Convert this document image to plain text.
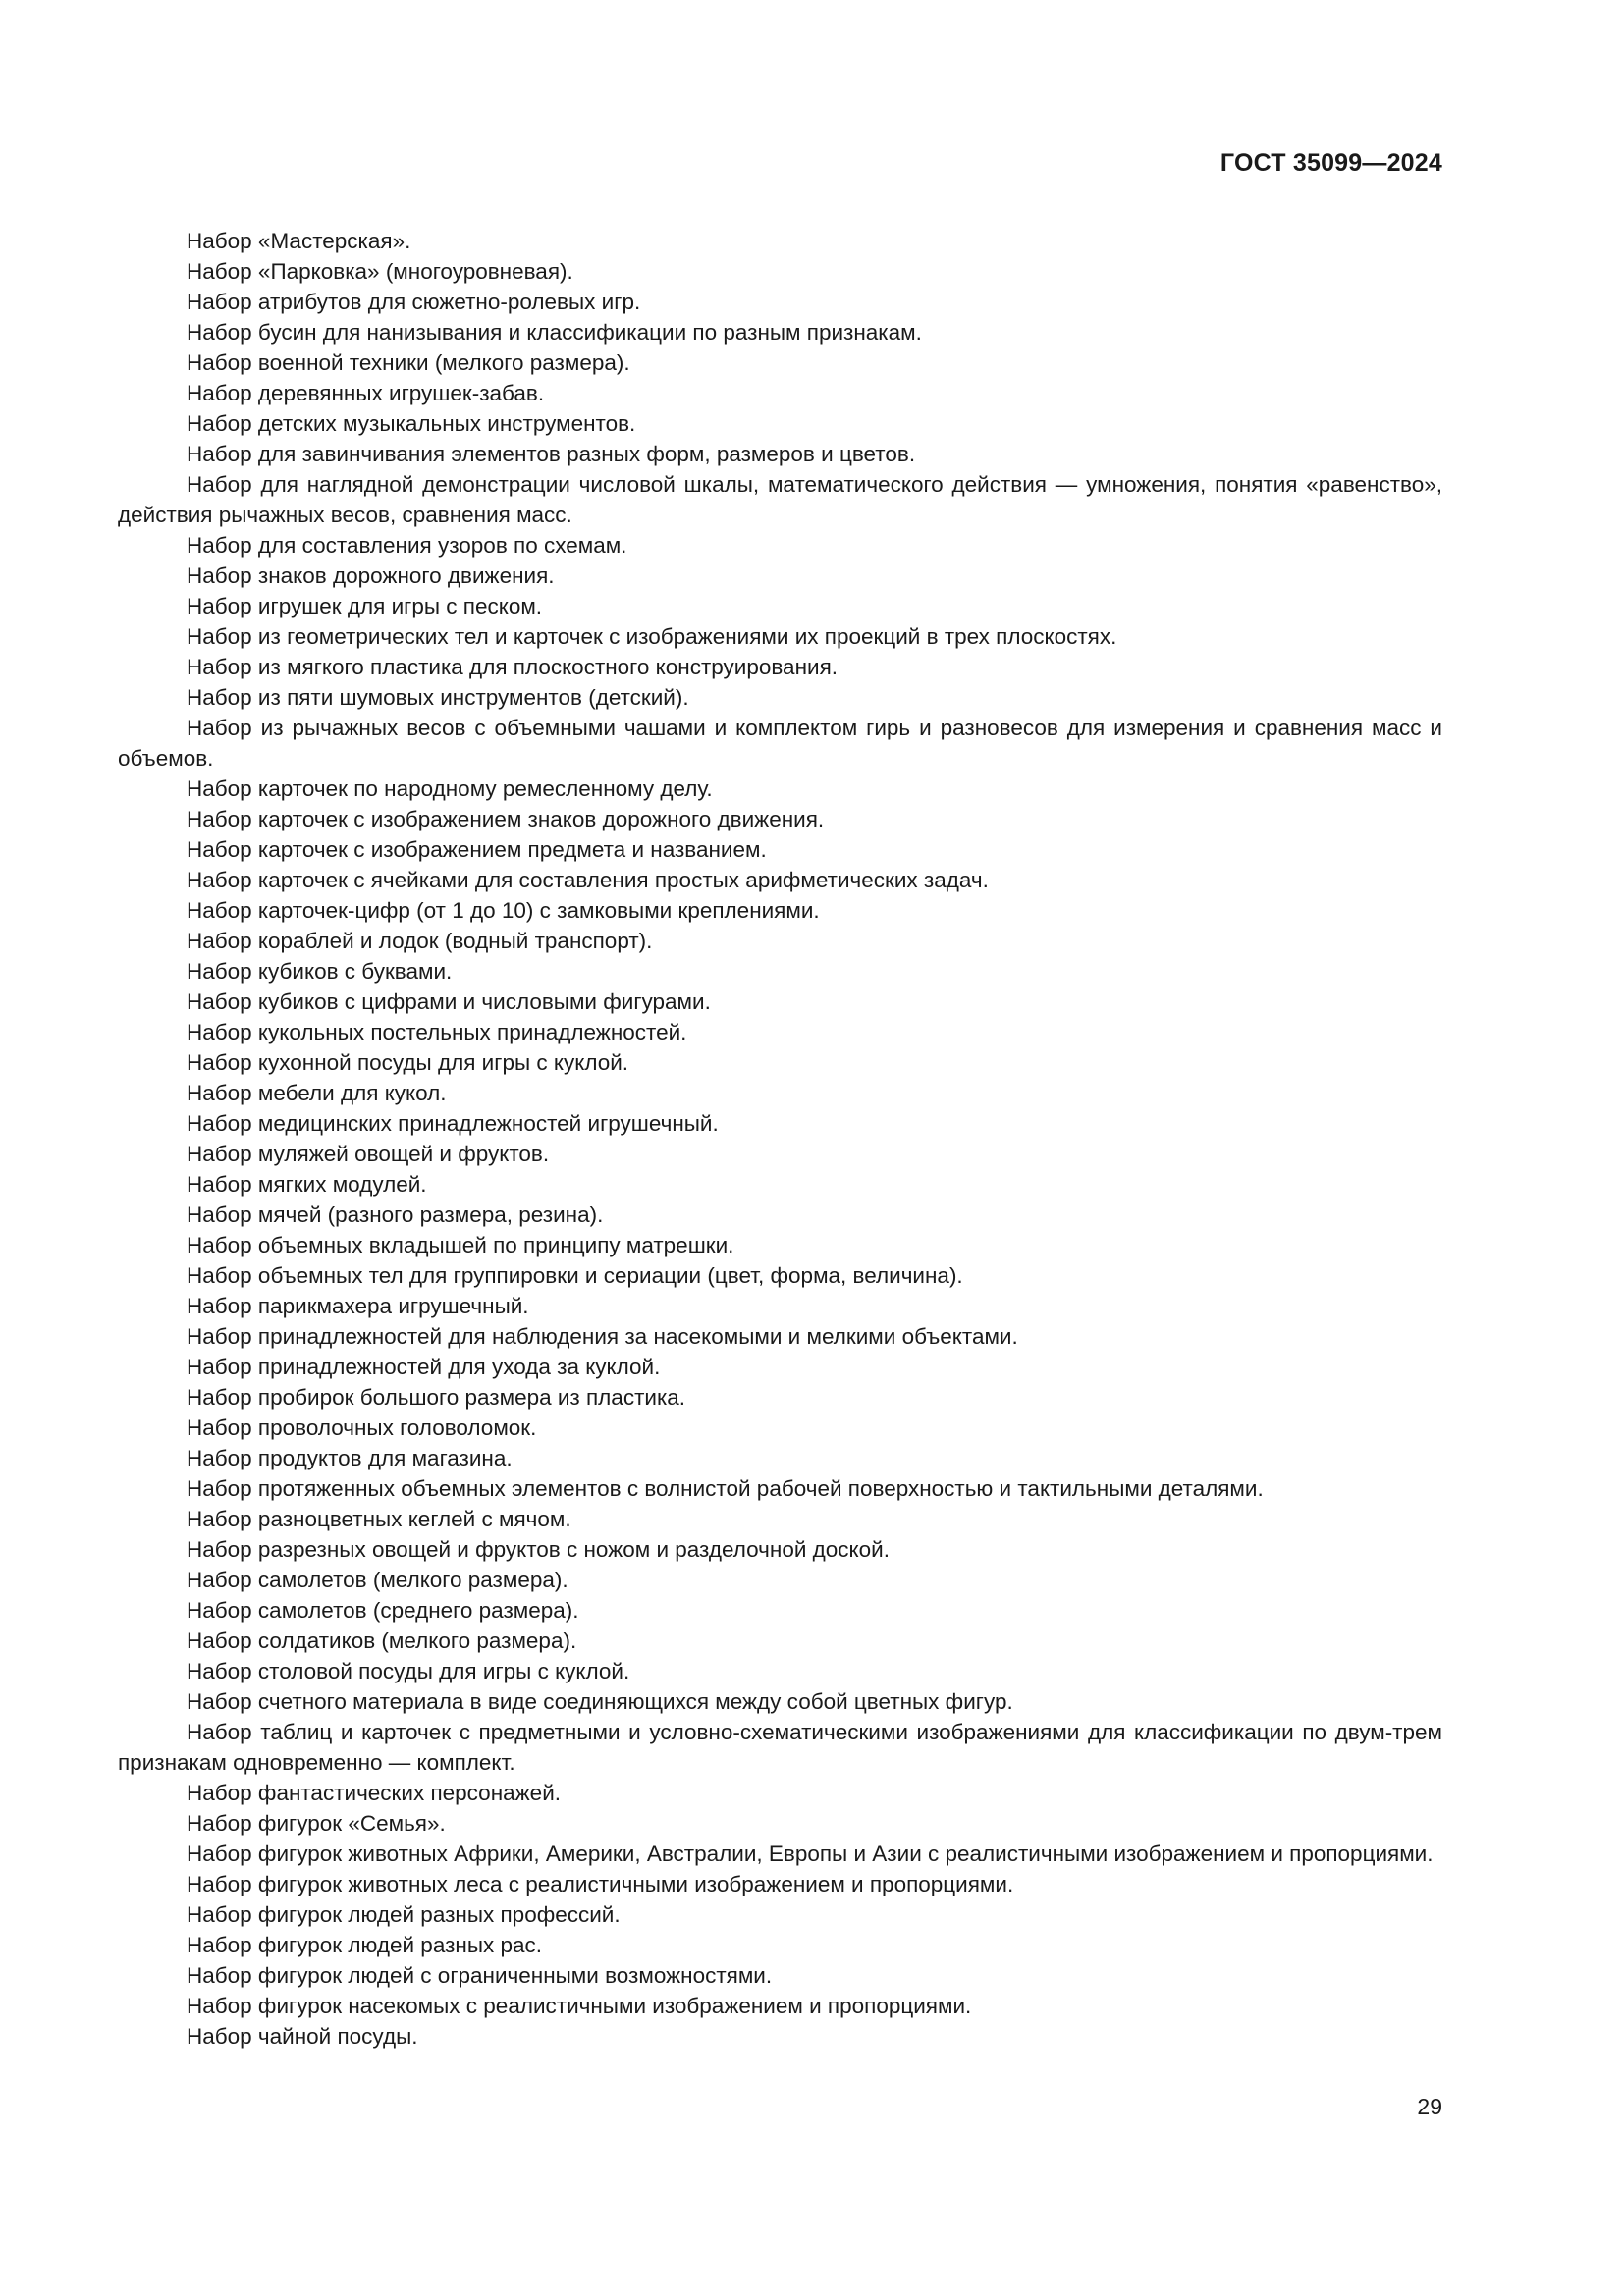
ГОСТ 35099—2024

Набор «Мастерская».

Набор «Парковка» (многоуровневая).

Набор атрибутов для сюжетно-ролевых игр.

Набор бусин для нанизывания и классификации по разным признакам.

Набор военной техники (мелкого размера).

Набор деревянных игрушек-забав.

Набор детских музыкальных инструментов.

Набор для завинчивания элементов разных форм, размеров и цветов.

Набор для наглядной демонстрации числовой шкалы, математического действия — умножения, понятия «равенство», действия рычажных весов, сравнения масс.

Набор для составления узоров по схемам.

Набор знаков дорожного движения.

Набор игрушек для игры с песком.

Набор из геометрических тел и карточек с изображениями их проекций в трех плоскостях.

Набор из мягкого пластика для плоскостного конструирования.

Набор из пяти шумовых инструментов (детский).

Набор из рычажных весов с объемными чашами и комплектом гирь и разновесов для измерения и сравнения масс и объемов.

Набор карточек по народному ремесленному делу.

Набор карточек с изображением знаков дорожного движения.

Набор карточек с изображением предмета и названием.

Набор карточек с ячейками для составления простых арифметических задач.

Набор карточек-цифр (от 1 до 10) с замковыми креплениями.

Набор кораблей и лодок (водный транспорт).

Набор кубиков с буквами.

Набор кубиков с цифрами и числовыми фигурами.

Набор кукольных постельных принадлежностей.

Набор кухонной посуды для игры с куклой.

Набор мебели для кукол.

Набор медицинских принадлежностей игрушечный.

Набор муляжей овощей и фруктов.

Набор мягких модулей.

Набор мячей (разного размера, резина).

Набор объемных вкладышей по принципу матрешки.

Набор объемных тел для группировки и сериации (цвет, форма, величина).

Набор парикмахера игрушечный.

Набор принадлежностей для наблюдения за насекомыми и мелкими объектами.

Набор принадлежностей для ухода за куклой.

Набор пробирок большого размера из пластика.

Набор проволочных головоломок.

Набор продуктов для магазина.

Набор протяженных объемных элементов с волнистой рабочей поверхностью и тактильными деталями.

Набор разноцветных кеглей с мячом.

Набор разрезных овощей и фруктов с ножом и разделочной доской.

Набор самолетов (мелкого размера).

Набор самолетов (среднего размера).

Набор солдатиков (мелкого размера).

Набор столовой посуды для игры с куклой.

Набор счетного материала в виде соединяющихся между собой цветных фигур.

Набор таблиц и карточек с предметными и условно-схематическими изображениями для классификации по двум-трем признакам одновременно — комплект.

Набор фантастических персонажей.

Набор фигурок «Семья».

Набор фигурок животных Африки, Америки, Австралии, Европы и Азии с реалистичными изображением и пропорциями.

Набор фигурок животных леса с реалистичными изображением и пропорциями.

Набор фигурок людей разных профессий.

Набор фигурок людей разных рас.

Набор фигурок людей с ограниченными возможностями.

Набор фигурок насекомых с реалистичными изображением и пропорциями.

Набор чайной посуды.

29
